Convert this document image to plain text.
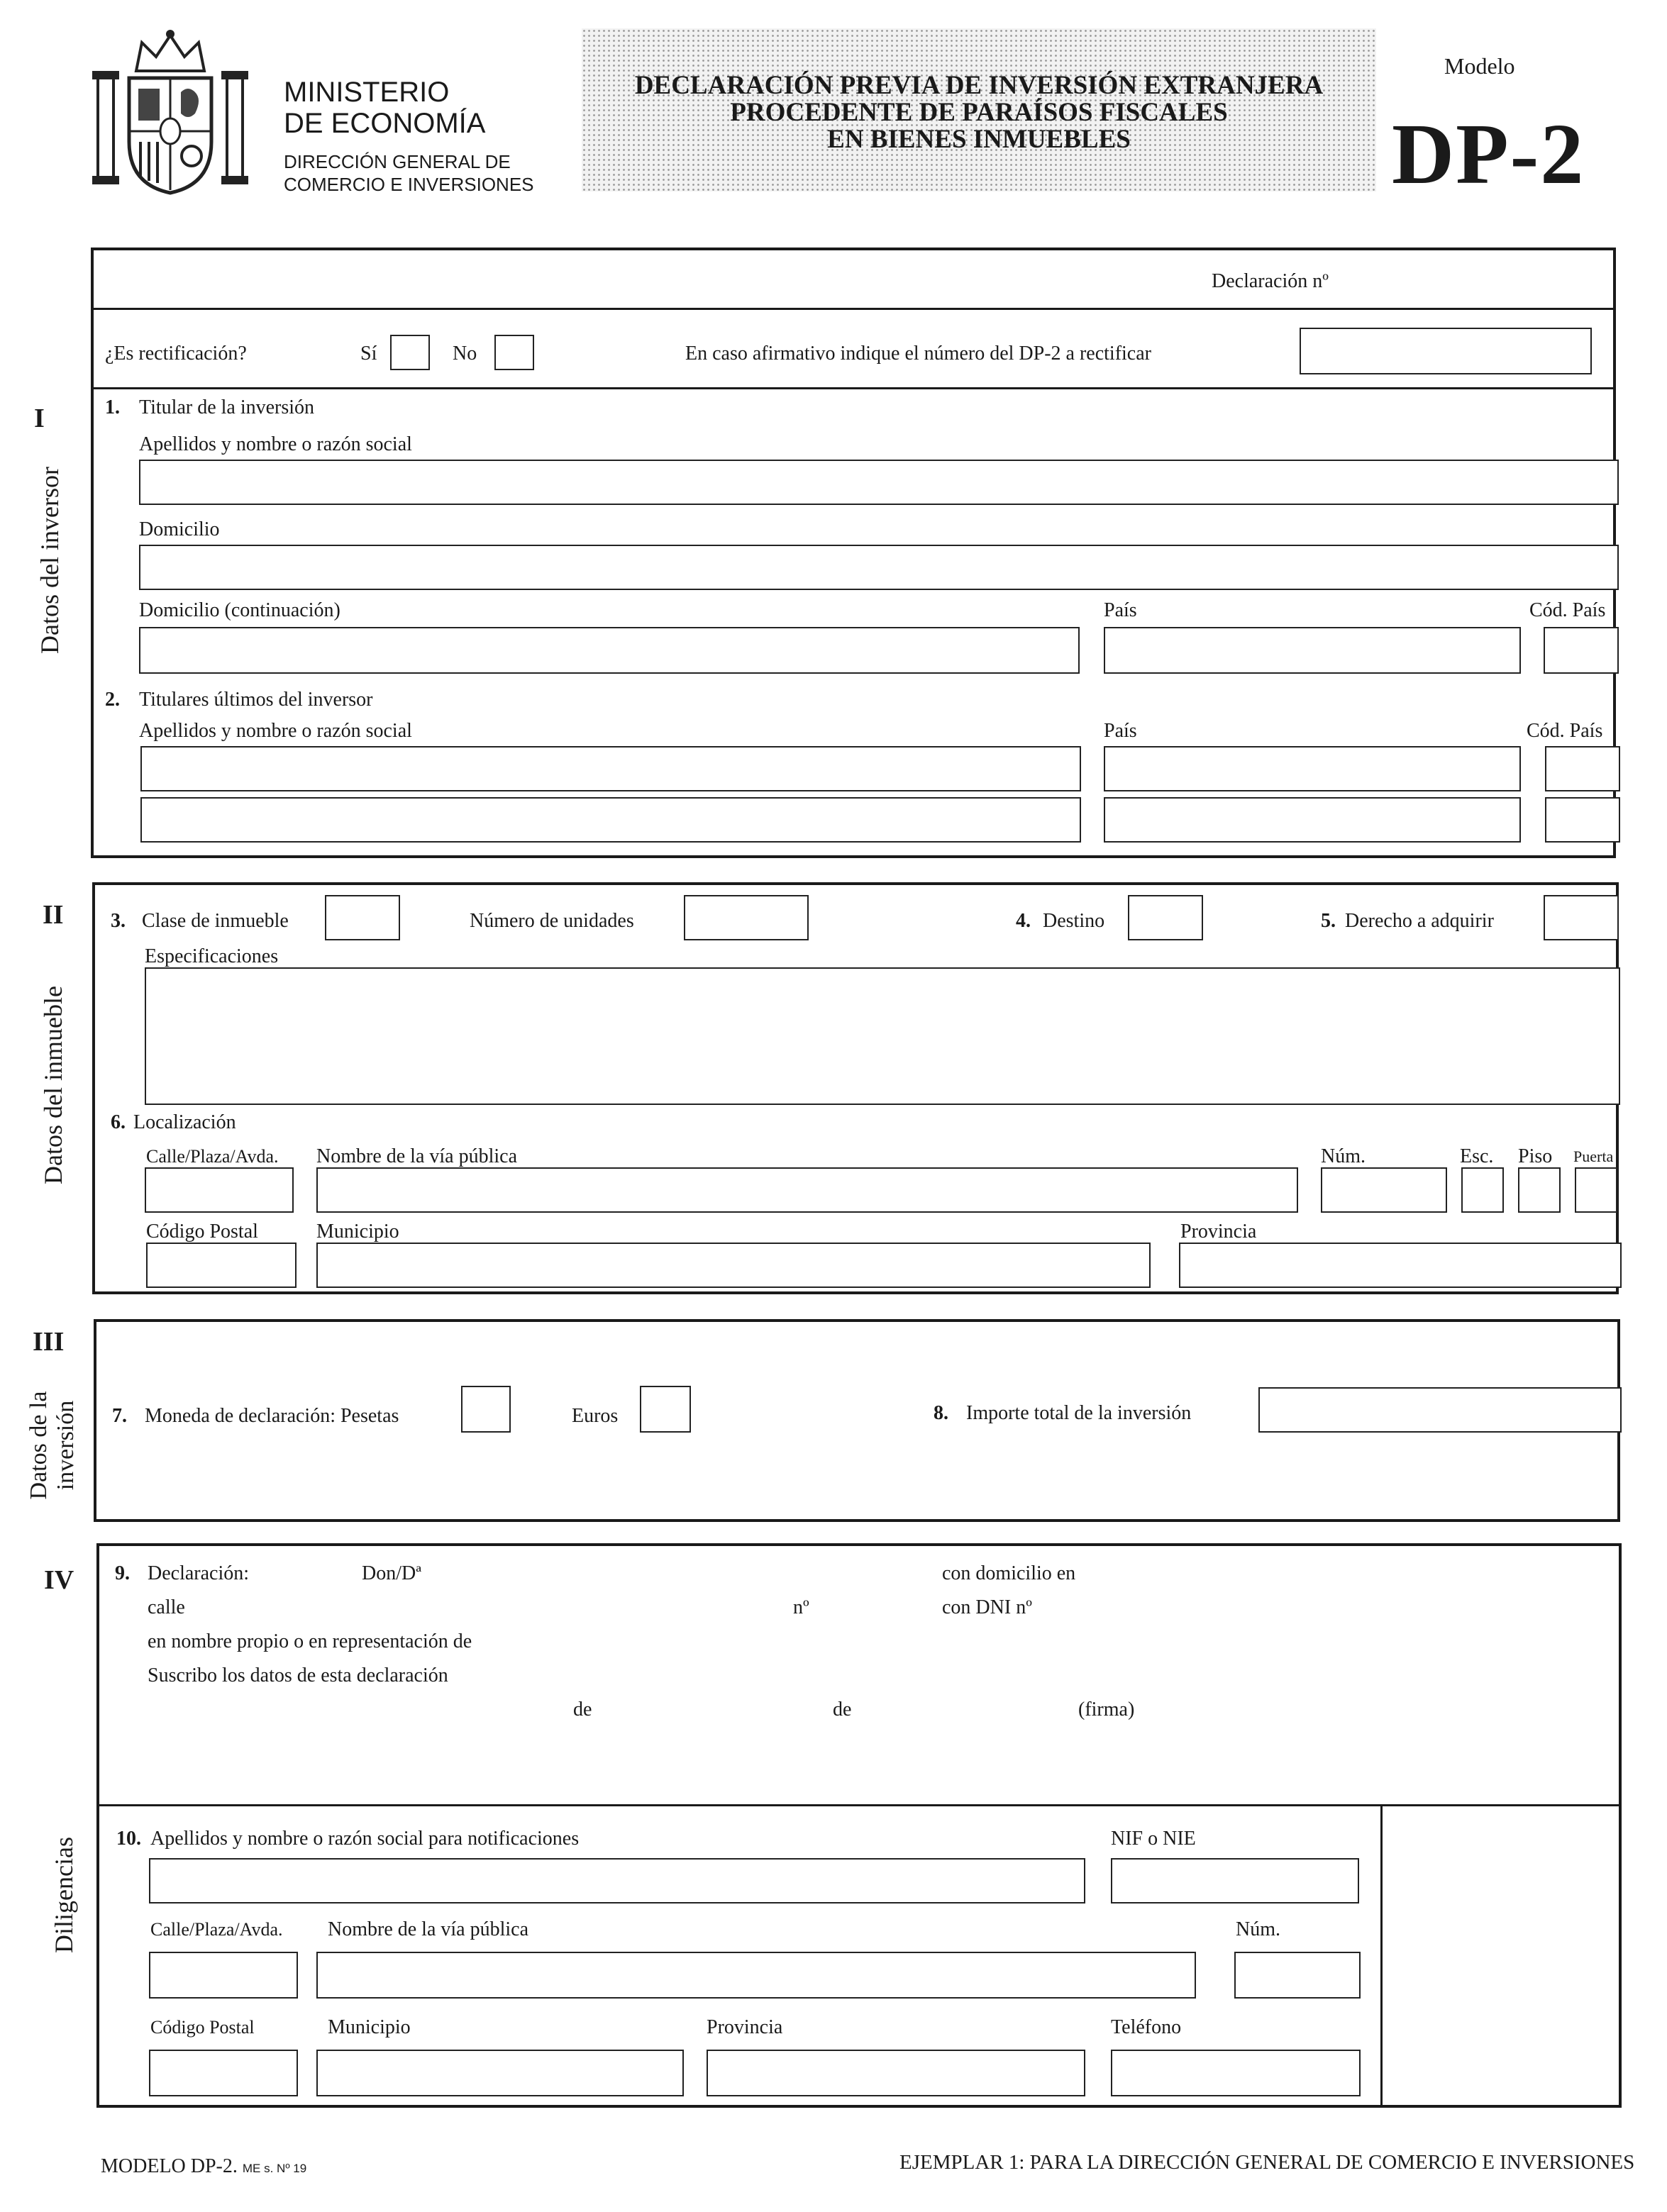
MINISTERIO
DE ECONOMÍA
DIRECCIÓN GENERAL DE
COMERCIO E INVERSIONES
DECLARACIÓN PREVIA DE INVERSIÓN EXTRANJERA
PROCEDENTE DE PARAÍSOS FISCALES
EN BIENES INMUEBLES
Modelo
DP-2
Declaración nº
¿Es rectificación?	Sí	No	En caso afirmativo indique el número del DP-2 a rectificar
I
Datos del inversor
1. Titular de la inversión
Apellidos y nombre o razón social
Domicilio
Domicilio (continuación)	País	Cód. País
2. Titulares últimos del inversor
Apellidos y nombre o razón social	País	Cód. País
II
Datos del inmueble
3. Clase de inmueble	Número de unidades	4. Destino	5. Derecho a adquirir
Especificaciones
6. Localización
Calle/Plaza/Avda. Nombre de la vía pública	Núm.	Esc. Piso Puerta
Código Postal	Municipio	Provincia
III
Datos de la inversión 7. Moneda de declaración: Pesetas	Euros	8. Importe total de la inversión
IV
Diligencias
9. Declaración:	Don/Dª	con domicilio en
calle	nº	con DNI nº
en nombre propio o en representación de
Suscribo los datos de esta declaración
de	de	(firma)
10. Apellidos y nombre o razón social para notificaciones	NIF o NIE
Calle/Plaza/Avda. Nombre de la vía pública	Núm.
Código Postal	Municipio	Provincia	Teléfono
MODELO DP-2. ME s. Nº 19	EJEMPLAR 1: PARA LA DIRECCIÓN GENERAL DE COMERCIO E INVERSIONES
